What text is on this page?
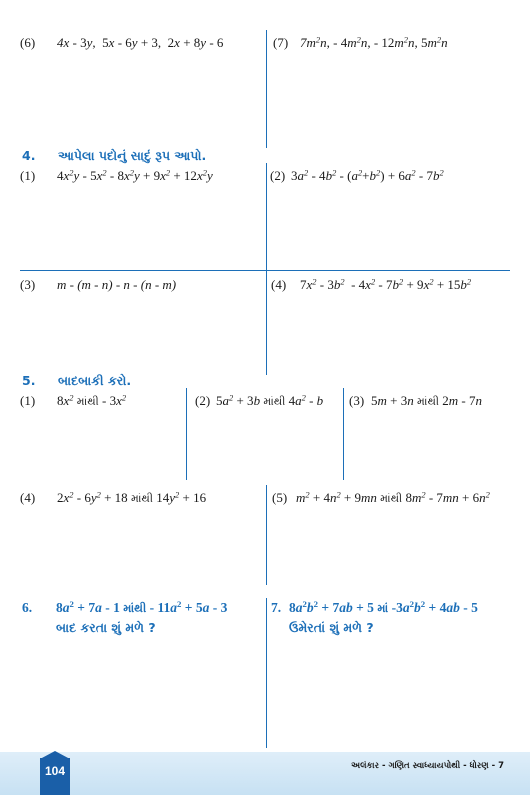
(6) 4x - 3y,  5x - 6y + 3,  2x + 8y - 6	(7) $7m^2n$, - $4m^2n$, - $12m^2n$, $5m^2n$
4. આપેલા પદોનું સાદું રૂપ આપો.
(1) $4x^2y - 5x^2 - 8x^2y + 9x^2 + 12x^2y$	(2) $3a^2 - 4b^2 - (a^2+b^2) + 6a^2 - 7b^2$
(3) m - (m - n) - n - (n - m)	(4) $7x^2 - 3b^2 - 4x^2 - 7b^2 + 9x^2 + 15b^2$
5. બાદબાકી કરો.
(1) $8x^2$ માંથી - $3x^2$	(2) $5a^2 + 3b$ માંથી $4a^2$ - b (3) 5m + 3n માંથી 2m - 7n
(4) $2x^2 - 6y^2 + 18$ માંથી $14y^2 + 16$	(5) $m^2 + 4n^2 + 9mn$ માંથી $8m^2 - 7mn + 6n^2$
6. $8a^2 + 7a - 1$ માંથી - $11a^2 + 5a - 3$
બાદ કરતા શું મળે ?
7. $8a^2b^2 + 7ab + 5$ માં $-3a^2b^2 + 4ab - 5$
ઉમેરતાં શું મળે ?
104	અલંકાર - ગણિત સ્વાધ્યાયપોથી - ધોરણ - 7
